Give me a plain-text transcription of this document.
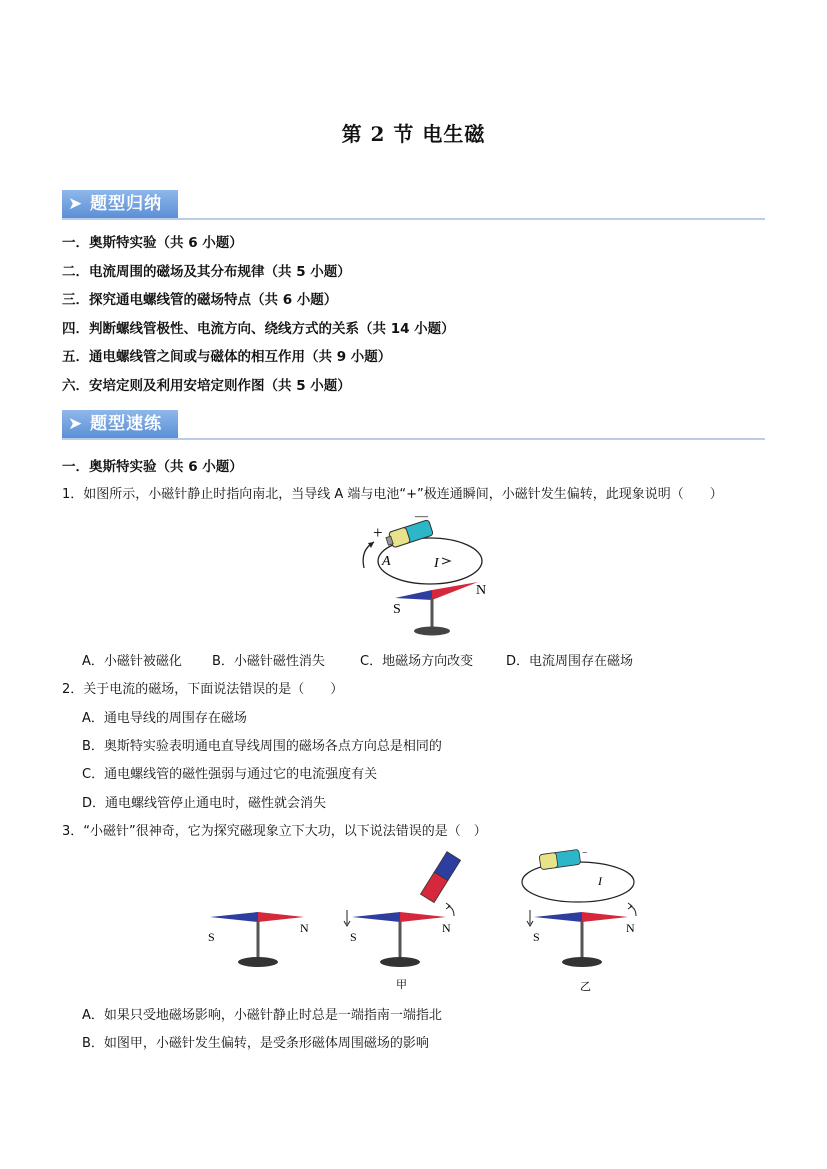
第 2 节 电生磁
➤ 题型归纳
一．奥斯特实验（共 6 小题）
二．电流周围的磁场及其分布规律（共 5 小题）
三．探究通电螺线管的磁场特点（共 6 小题）
四．判断螺线管极性、电流方向、绕线方式的关系（共 14 小题）
五．通电螺线管之间或与磁体的相互作用（共 9 小题）
六．安培定则及利用安培定则作图（共 5 小题）
➤ 题型速练
一．奥斯特实验（共 6 小题）
1．如图所示，小磁针静止时指向南北，当导线 A 端与电池“+”极连通瞬间，小磁针发生偏转，此现象说明（　　）
+
—
A	I
S
N
A．小磁针被磁化 B．小磁针磁性消失	C．地磁场方向改变	D．电流周围存在磁场
2．关于电流的磁场，下面说法错误的是（　　）
A．通电导线的周围存在磁场
B．奥斯特实验表明通电直导线周围的磁场各点方向总是相同的
C．通电螺线管的磁性强弱与通过它的电流强度有关
D．通电螺线管停止通电时，磁性就会消失
3．“小磁针”很神奇，它为探究磁现象立下大功，以下说法错误的是（　）
S
N
S
N
甲
−
I
S
N
乙
A．如果只受地磁场影响，小磁针静止时总是一端指南一端指北
B．如图甲，小磁针发生偏转，是受条形磁体周围磁场的影响
